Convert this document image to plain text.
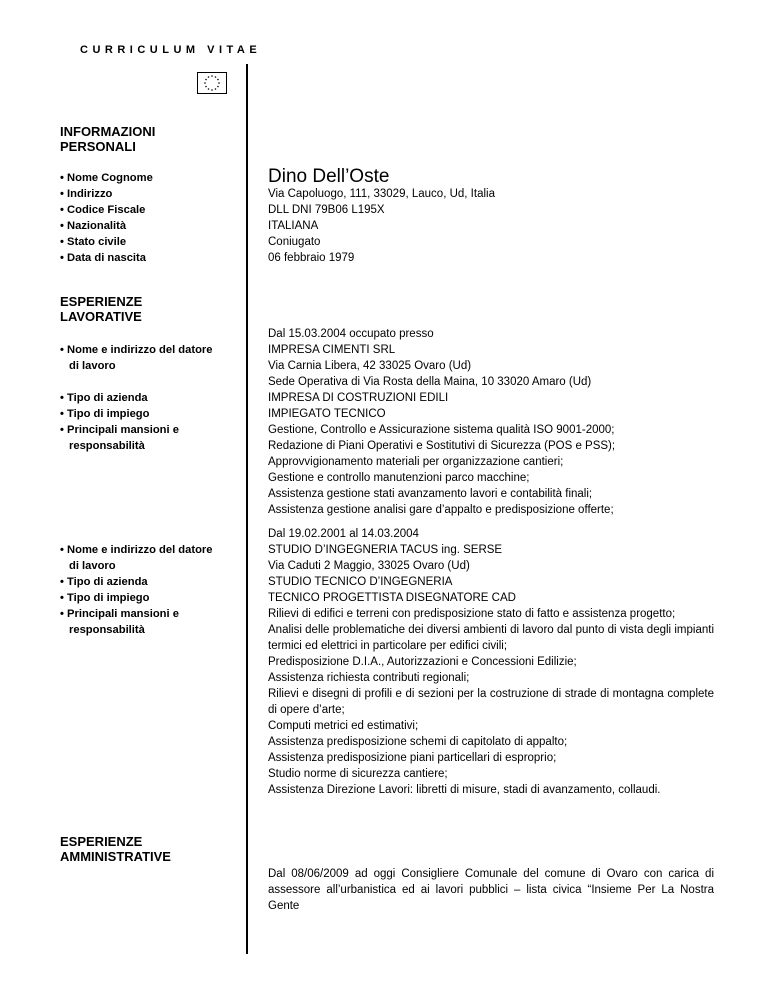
CURRICULUM VITAE
INFORMAZIONI
PERSONALI
• Nome Cognome
• Indirizzo
• Codice Fiscale
• Nazionalità
• Stato civile
• Data di nascita
Dino Dell’Oste
Via Capoluogo, 111, 33029, Lauco, Ud, Italia
DLL DNI 79B06 L195X
ITALIANA
Coniugato
06 febbraio 1979
ESPERIENZE
LAVORATIVE
• Nome e indirizzo del datore
di lavoro
• Tipo di azienda
• Tipo di impiego
• Principali mansioni e
responsabilità
Dal 15.03.2004 occupato presso
IMPRESA CIMENTI SRL
Via Carnia Libera, 42 33025 Ovaro (Ud)
Sede Operativa di Via Rosta della Maina, 10 33020 Amaro (Ud)
IMPRESA DI COSTRUZIONI EDILI
IMPIEGATO TECNICO
Gestione, Controllo e Assicurazione sistema qualità ISO 9001-2000;
Redazione di Piani Operativi e Sostitutivi di Sicurezza (POS e PSS);
Approvvigionamento materiali per organizzazione cantieri;
Gestione e controllo manutenzioni parco macchine;
Assistenza gestione stati avanzamento lavori e contabilità finali;
Assistenza gestione analisi gare d’appalto e predisposizione offerte;
• Nome e indirizzo del datore
di lavoro
• Tipo di azienda
• Tipo di impiego
• Principali mansioni e
responsabilità
Dal 19.02.2001 al 14.03.2004
STUDIO D’INGEGNERIA TACUS ing. SERSE
Via Caduti 2 Maggio, 33025 Ovaro (Ud)
STUDIO TECNICO D’INGEGNERIA
TECNICO PROGETTISTA DISEGNATORE CAD
Rilievi di edifici e terreni con predisposizione stato di fatto e assistenza progetto;
Analisi delle problematiche dei diversi ambienti di lavoro dal punto di vista degli impianti termici ed elettrici in particolare per edifici civili;
Predisposizione D.I.A., Autorizzazioni e Concessioni Edilizie;
Assistenza richiesta contributi regionali;
Rilievi e disegni di profili e di sezioni per la costruzione di strade di montagna complete di opere d’arte;
Computi metrici ed estimativi;
Assistenza predisposizione schemi di capitolato di appalto;
Assistenza predisposizione piani particellari di esproprio;
Studio norme di sicurezza cantiere;
Assistenza Direzione Lavori: libretti di misure, stadi di avanzamento, collaudi.
ESPERIENZE
AMMINISTRATIVE
Dal 08/06/2009 ad oggi Consigliere Comunale del comune di Ovaro con carica di assessore all’urbanistica ed ai lavori pubblici – lista civica “Insieme Per La Nostra Gente
